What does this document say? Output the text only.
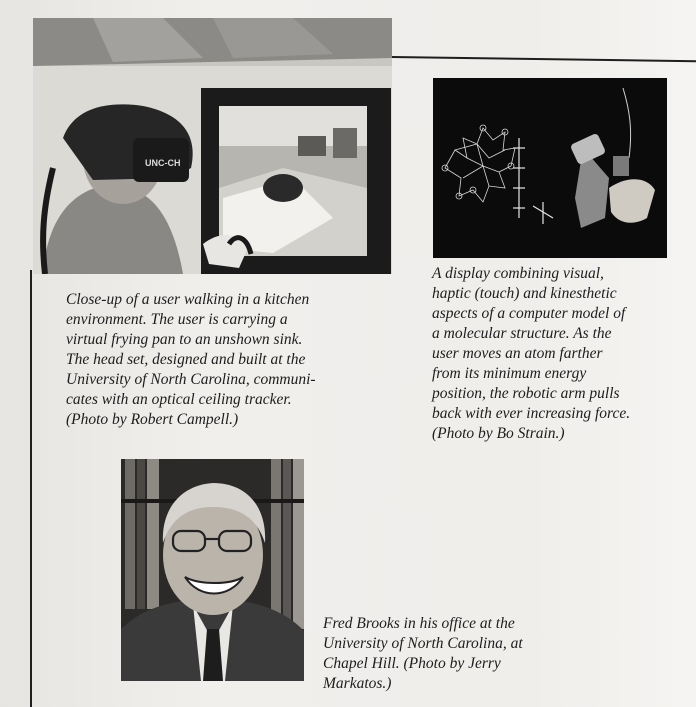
UNC-CH

Close-up of a user walking in a kitchen
environment. The user is carrying a
virtual frying pan to an unshown sink.
The head set, designed and built at the
University of North Carolina, communi-
cates with an optical ceiling tracker.
(Photo by Robert Campell.)

A display combining visual,
haptic (touch) and kinesthetic
aspects of a computer model of
a molecular structure. As the
user moves an atom farther
from its minimum energy
position, the robotic arm pulls
back with ever increasing force.
(Photo by Bo Strain.)

Fred Brooks in his office at the
University of North Carolina, at
Chapel Hill. (Photo by Jerry
Markatos.)
